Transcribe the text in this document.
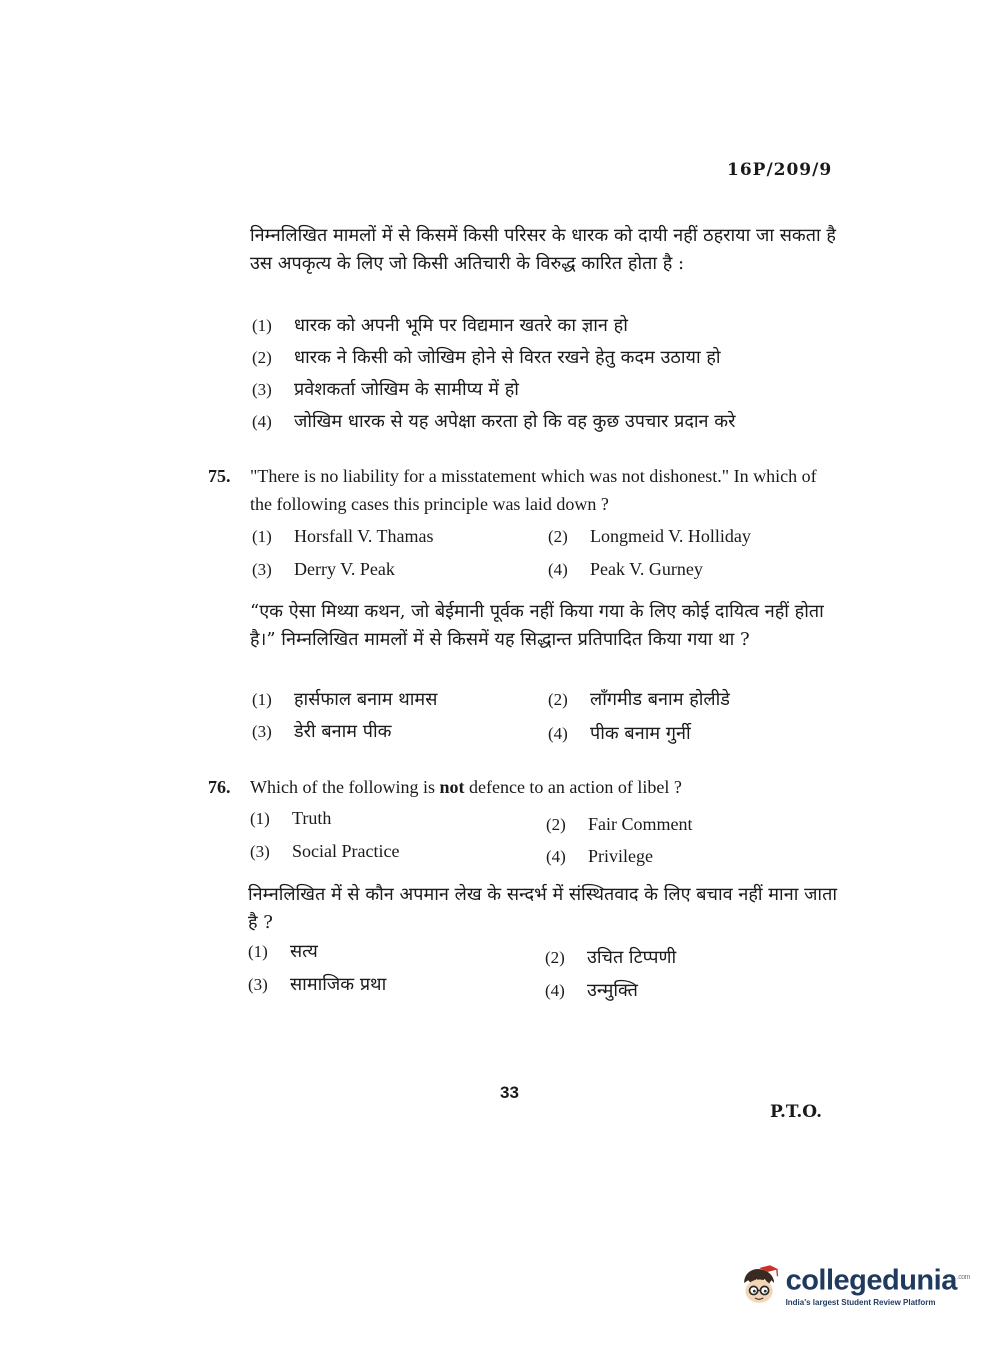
16P/209/9
निम्नलिखित मामलों में से किसमें किसी परिसर के धारक को दायी नहीं ठहराया जा सकता है उस अपकृत्य के लिए जो किसी अतिचारी के विरुद्ध कारित होता है :
(1)	धारक को अपनी भूमि पर विद्यमान खतरे का ज्ञान हो
(2)	धारक ने किसी को जोखिम होने से विरत रखने हेतु कदम उठाया हो
(3)	प्रवेशकर्ता जोखिम के सामीप्य में हो
(4)	जोखिम धारक से यह अपेक्षा करता हो कि वह कुछ उपचार प्रदान करे
75. "There is no liability for a misstatement which was not dishonest." In which of the following cases this principle was laid down ?
(1)	Horsfall V. Thamas	(2)	Longmeid V. Holliday
(3)	Derry V. Peak	(4)	Peak V. Gurney
“एक ऐसा मिथ्या कथन, जो बेईमानी पूर्वक नहीं किया गया के लिए कोई दायित्व नहीं होता है।” निम्नलिखित मामलों में से किसमें यह सिद्धान्त प्रतिपादित किया गया था ?
(1)	हार्सफाल बनाम थामस	(2)	लाँगमीड बनाम होलीडे
(3)	डेरी बनाम पीक	(4)	पीक बनाम गुर्नी
76. Which of the following is not defence to an action of libel ?
(1)	Truth	(2)	Fair Comment
(3)	Social Practice	(4)	Privilege
निम्नलिखित में से कौन अपमान लेख के सन्दर्भ में संस्थितवाद के लिए बचाव नहीं माना जाता है ?
(1)	सत्य	(2)	उचित टिप्पणी
(3)	सामाजिक प्रथा	(4)	उन्मुक्ति
33
P.T.O.
collegedunia$^{.com}$
India's largest Student Review Platform
